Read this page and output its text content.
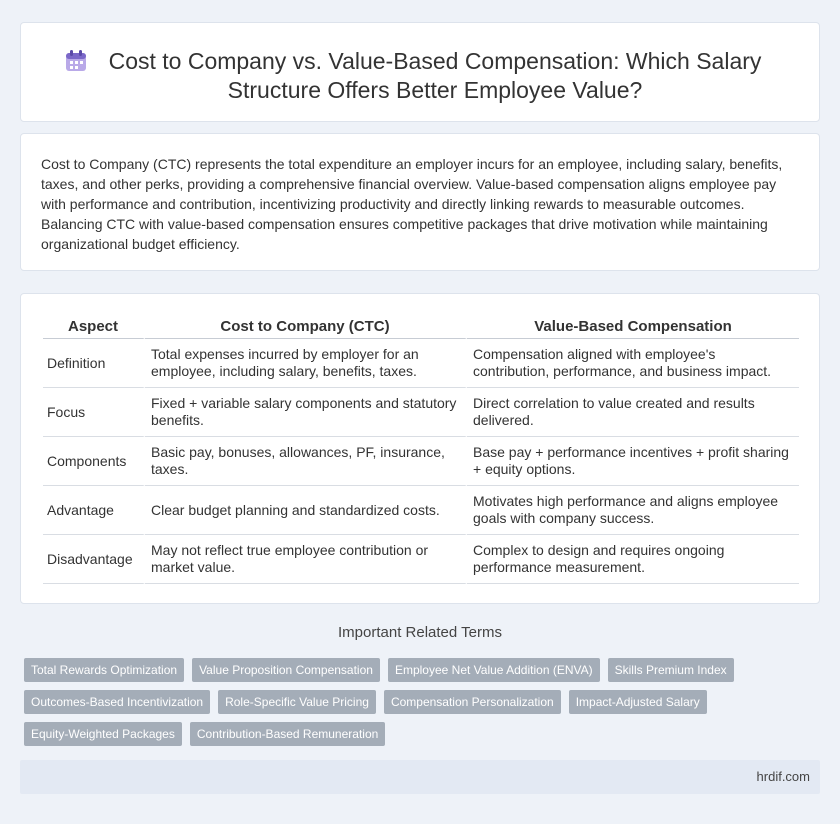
Cost to Company vs. Value-Based Compensation: Which Salary Structure Offers Better Employee Value?

Cost to Company (CTC) represents the total expenditure an employer incurs for an employee, including salary, benefits, taxes, and other perks, providing a comprehensive financial overview. Value-based compensation aligns employee pay with performance and contribution, incentivizing productivity and directly linking rewards to measurable outcomes. Balancing CTC with value-based compensation ensures competitive packages that drive motivation while maintaining organizational budget efficiency.

Aspect	Cost to Company (CTC)	Value-Based Compensation
Definition	Total expenses incurred by employer for an employee, including salary, benefits, taxes.	Compensation aligned with employee's contribution, performance, and business impact.
Focus	Fixed + variable salary components and statutory benefits.	Direct correlation to value created and results delivered.
Components	Basic pay, bonuses, allowances, PF, insurance, taxes.	Base pay + performance incentives + profit sharing + equity options.
Advantage	Clear budget planning and standardized costs.	Motivates high performance and aligns employee goals with company success.
Disadvantage	May not reflect true employee contribution or market value.	Complex to design and requires ongoing performance measurement.
Important Related Terms
Total Rewards Optimization Value Proposition Compensation Employee Net Value Addition (ENVA) Skills Premium Index
Outcomes-Based Incentivization Role-Specific Value Pricing Compensation Personalization Impact-Adjusted Salary
Equity-Weighted Packages Contribution-Based Remuneration
hrdif.com
